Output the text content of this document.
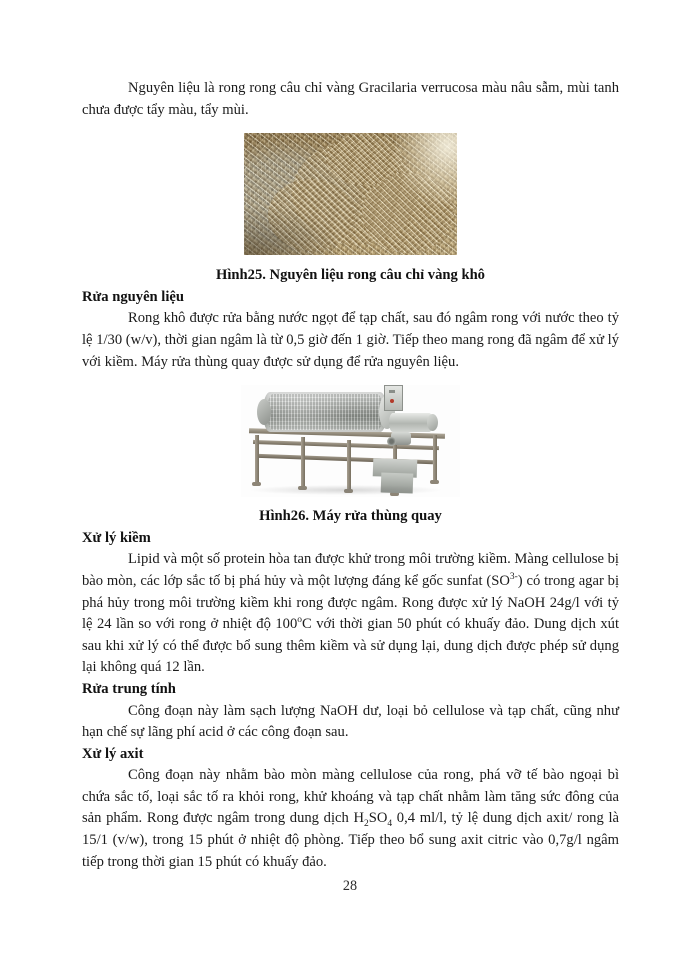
Nguyên liệu là rong rong câu chỉ vàng Gracilaria verrucosa màu nâu sẫm, mùi tanh chưa được tẩy màu, tẩy mùi.

Hình25. Nguyên liệu rong câu chỉ vàng khô
Rửa nguyên liệu

Rong khô được rửa bằng nước ngọt để tạp chất, sau đó ngâm rong với nước theo tỷ lệ 1/30 (w/v), thời gian ngâm là từ 0,5 giờ đến 1 giờ. Tiếp theo mang rong đã ngâm để xử lý với kiềm. Máy rửa thùng quay được sử dụng để rửa nguyên liệu.

Hình26. Máy rửa thùng quay
Xử lý kiềm

Lipid và một số protein hòa tan được khử trong môi trường kiềm. Màng cellulose bị bào mòn, các lớp sắc tố bị phá hủy và một lượng đáng kể gốc sunfat $(SO^{3-})$ có trong agar bị phá hủy trong môi trường kiềm khi rong được ngâm. Rong được xử lý NaOH 24g/l với tỷ lệ 24 lần so với rong ở nhiệt độ 100$^o$C với thời gian 50 phút có khuấy đảo. Dung dịch xút sau khi xử lý có thể được bổ sung thêm kiềm và sử dụng lại, dung dịch được phép sử dụng lại không quá 12 lần.

Rửa trung tính

Công đoạn này làm sạch lượng NaOH dư, loại bỏ cellulose và tạp chất, cũng như hạn chế sự lãng phí acid ở các công đoạn sau.

Xử lý axit

Công đoạn này nhằm bào mòn màng cellulose của rong, phá vỡ tế bào ngoại bì chứa sắc tố, loại sắc tố ra khỏi rong, khử khoáng và tạp chất nhằm làm tăng sức đông của sản phẩm. Rong được ngâm trong dung dịch $H_2SO_4$ 0,4 ml/l, tỷ lệ dung dịch axit/ rong là 15/1 (v/w), trong 15 phút ở nhiệt độ phòng. Tiếp theo bổ sung axit citric vào 0,7g/l ngâm tiếp trong thời gian 15 phút có khuấy đảo.

28
